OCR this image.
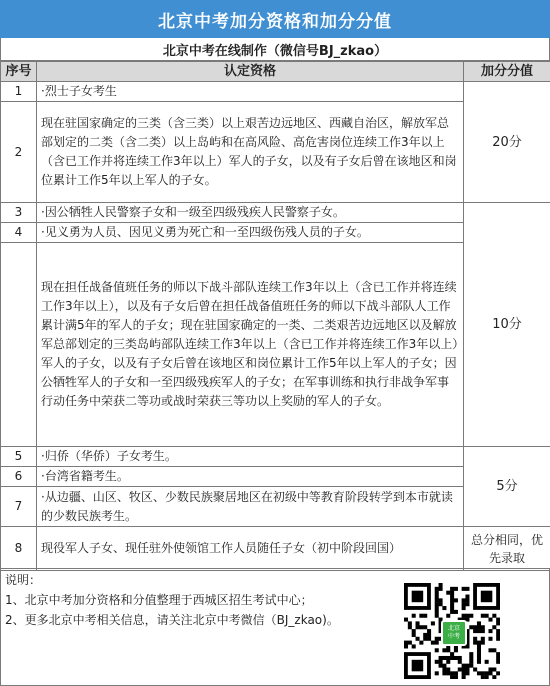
北京中考加分资格和加分分值
北京中考在线制作（微信号BJ_zkao）
序号	认定资格	加分分值
1	·烈士子女考生	20分
2	现在驻国家确定的三类（含三类）以上艰苦边远地区、西藏自治区，解放军总部划定的二类（含二类）以上岛屿和在高风险、高危害岗位连续工作3年以上（含已工作并将连续工作3年以上）军人的子女，以及有子女后曾在该地区和岗位累计工作5年以上军人的子女。	
3	·因公牺牲人民警察子女和一级至四级残疾人民警察子女。	10分
4	·见义勇为人员、因见义勇为死亡和一至四级伤残人员的子女。	
	现在担任战备值班任务的师以下战斗部队连续工作3年以上（含已工作并将连续工作3年以上），以及有子女后曾在担任战备值班任务的师以下战斗部队人工作累计满5年的军人的子女；现在驻国家确定的一类、二类艰苦边远地区以及解放军总部划定的三类岛屿部队连续工作3年以上（含已工作并将连续工作3年以上）军人的子女，以及有子女后曾在该地区和岗位累计工作5年以上军人的子女；因公牺牲军人的子女和一至四级残疾军人的子女；在军事训练和执行非战争军事行动任务中荣获二等功或战时荣获三等功以上奖励的军人的子女。	
5	·归侨（华侨）子女考生。	5分
6	·台湾省籍考生。	
7	·从边疆、山区、牧区、少数民族聚居地区在初级中等教育阶段转学到本市就读的少数民族考生。	
8	现役军人子女、现任驻外使领馆工作人员随任子女（初中阶段回国）	总分相同，优先录取
说明：
1、北京中考加分资格和分值整理于西城区招生考试中心；
2、更多北京中考相关信息，请关注北京中考微信（BJ_zkao)。
北京
中考
